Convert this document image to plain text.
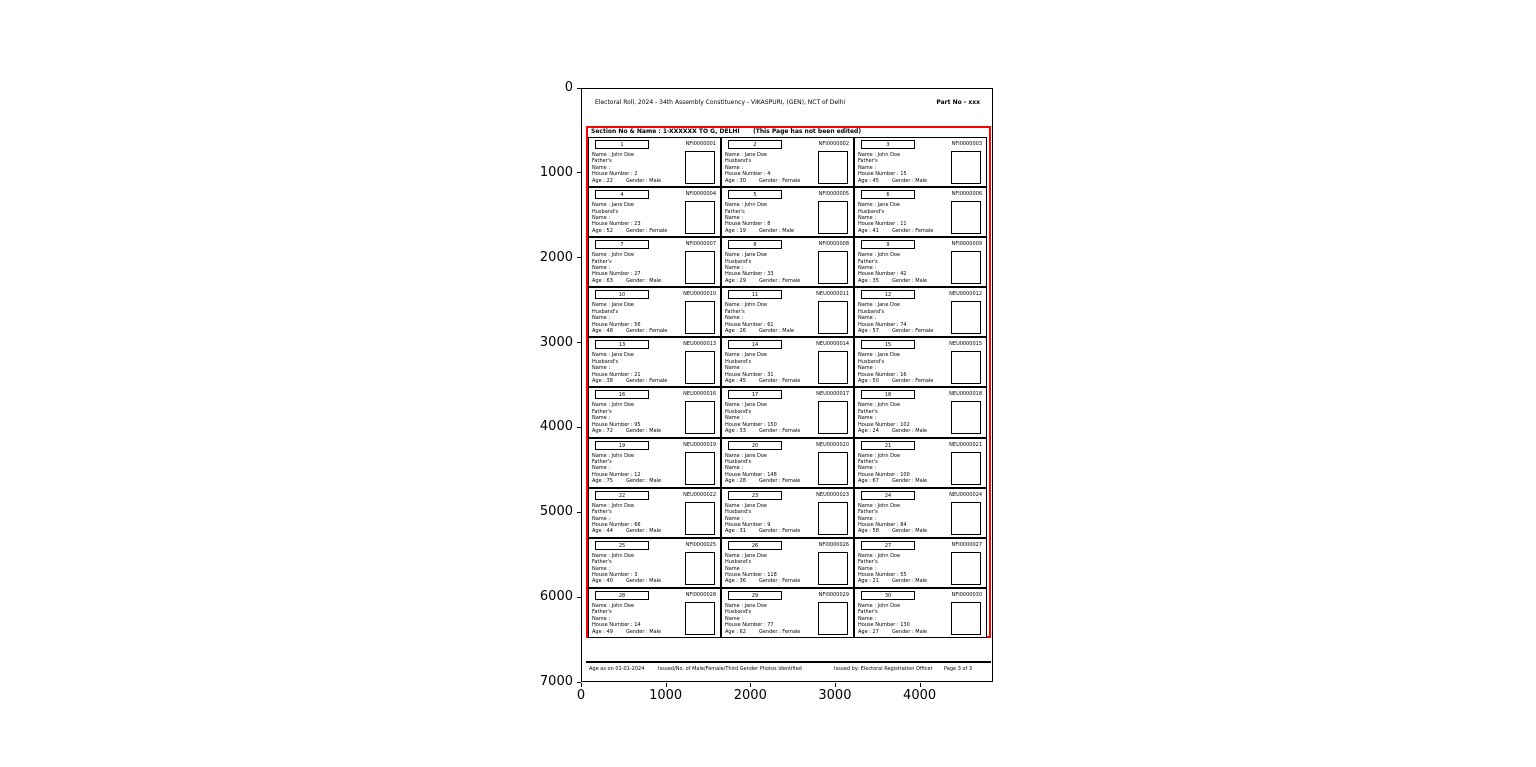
0
1000
2000
3000
4000
5000
6000
7000
0	1000	2000	3000	4000
Electoral Roll, 2024 - 34th Assembly Constituency - VIKASPURI, (GEN), NCT of Delhi	Part No - xxx
Section No & Name : 1-XXXXXX TO G, DELHI	(This Page has not been edited)
1	NFI0000001
Name : John Doe
Father's Name :
House Number : 2
Age : 22	Gender : Male
2	NFI0000002
Name : Jane Doe
Husband's Name :
House Number : 4
Age : 30	Gender : Female
3	NFI0000003
Name : John Doe
Father's Name :
House Number : 15
Age : 45	Gender : Male
4	NFI0000004
Name : Jane Doe
Husband's Name :
House Number : 23
Age : 52	Gender : Female
5	NFI0000005
Name : John Doe
Father's Name :
House Number : 8
Age : 19	Gender : Male
6	NFI0000006
Name : Jane Doe
Husband's Name :
House Number : 11
Age : 41	Gender : Female
7	NFI0000007
Name : John Doe
Father's Name :
House Number : 27
Age : 63	Gender : Male
8	NFI0000008
Name : Jane Doe
Husband's Name :
House Number : 33
Age : 29	Gender : Female
9	NFI0000009
Name : John Doe
Father's Name :
House Number : 42
Age : 35	Gender : Male
10	NEU0000010
Name : Jane Doe
Husband's Name :
House Number : 56
Age : 48	Gender : Female
11	NEU0000011
Name : John Doe
Father's Name :
House Number : 61
Age : 26	Gender : Male
12	NEU0000012
Name : Jane Doe
Husband's Name :
House Number : 74
Age : 57	Gender : Female
13	NEU0000013
Name : Jane Doe
Husband's Name :
House Number : 21
Age : 38	Gender : Female
14	NEU0000014
Name : Jane Doe
Husband's Name :
House Number : 31
Age : 45	Gender : Female
15	NEU0000015
Name : Jane Doe
Husband's Name :
House Number : 16
Age : 50	Gender : Female
16	NEU0000016
Name : John Doe
Father's Name :
House Number : 95
Age : 72	Gender : Male
17	NEU0000017
Name : Jane Doe
Husband's Name :
House Number : 150
Age : 33	Gender : Female
18	NEU0000018
Name : John Doe
Father's Name :
House Number : 102
Age : 24	Gender : Male
19	NEU0000019
Name : John Doe
Father's Name :
House Number : 12
Age : 75	Gender : Male
20	NEU0000020
Name : Jane Doe
Husband's Name :
House Number : 148
Age : 28	Gender : Female
21	NEU0000021
Name : John Doe
Father's Name :
House Number : 100
Age : 67	Gender : Male
22	NEU0000022
Name : John Doe
Father's Name :
House Number : 66
Age : 44	Gender : Male
23	NEU0000023
Name : Jane Doe
Husband's Name :
House Number : 9
Age : 31	Gender : Female
24	NEU0000024
Name : John Doe
Father's Name :
House Number : 84
Age : 58	Gender : Male
25	NFI0000025
Name : John Doe
Father's Name :
House Number : 3
Age : 40	Gender : Male
26	NFI0000026
Name : Jane Doe
Husband's Name :
House Number : 118
Age : 36	Gender : Female
27	NFI0000027
Name : John Doe
Father's Name :
House Number : 55
Age : 21	Gender : Male
28	NFI0000028
Name : John Doe
Father's Name :
House Number : 14
Age : 49	Gender : Male
29	NFI0000029
Name : Jane Doe
Husband's Name :
House Number : 77
Age : 62	Gender : Female
30	NFI0000030
Name : John Doe
Father's Name :
House Number : 130
Age : 27	Gender : Male
Age as on 01-01-2024	Issued/No. of Male/Female/Third Gender Photos Identified	Issued by: Electoral Registration Officer Page 3 of 3
